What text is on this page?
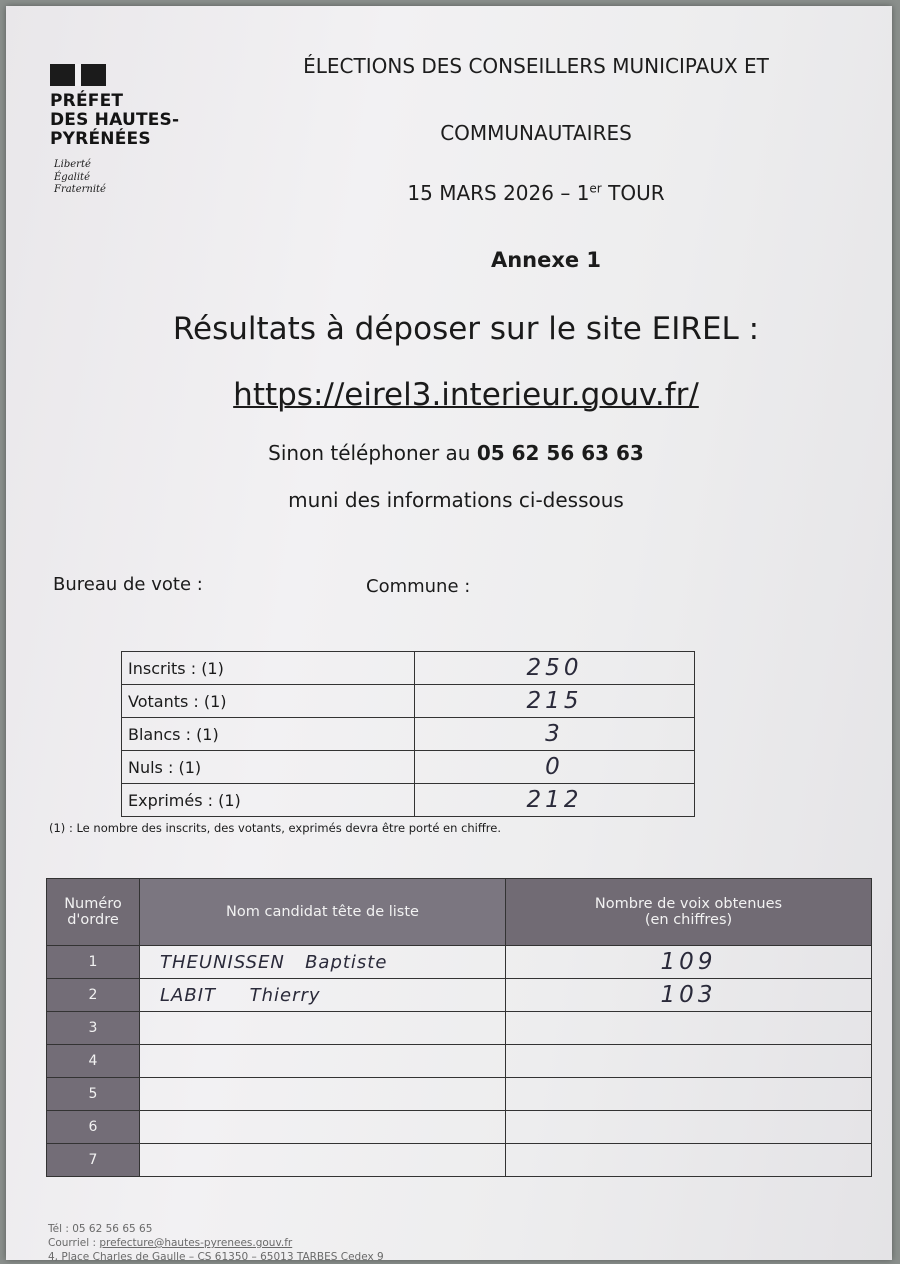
PRÉFET
DES HAUTES-
PYRÉNÉES
Liberté
Égalité
Fraternité
ÉLECTIONS DES CONSEILLERS MUNICIPAUX ET
COMMUNAUTAIRES
15 MARS 2026 – 1er TOUR
Annexe 1
Résultats à déposer sur le site EIREL :
https://eirel3.interieur.gouv.fr/
Sinon téléphoner au 05 62 56 63 63
muni des informations ci-dessous
Bureau de vote :	Commune :
Inscrits : (1)	250
Votants : (1)	215
Blancs : (1)	3
Nuls : (1)	0
Exprimés : (1)	212
(1) : Le nombre des inscrits, des votants, exprimés devra être porté en chiffre.
Numéro
d'ordre	Nom candidat tête de liste	Nombre de voix obtenues
(en chiffres)
1	THEUNISSEN   Baptiste	109
2	LABIT     Thierry	103
3		
4		
5		
6		
7		
Tél : 05 62 56 65 65
Courriel : prefecture@hautes-pyrenees.gouv.fr
4, Place Charles de Gaulle – CS 61350 – 65013 TARBES Cedex 9
